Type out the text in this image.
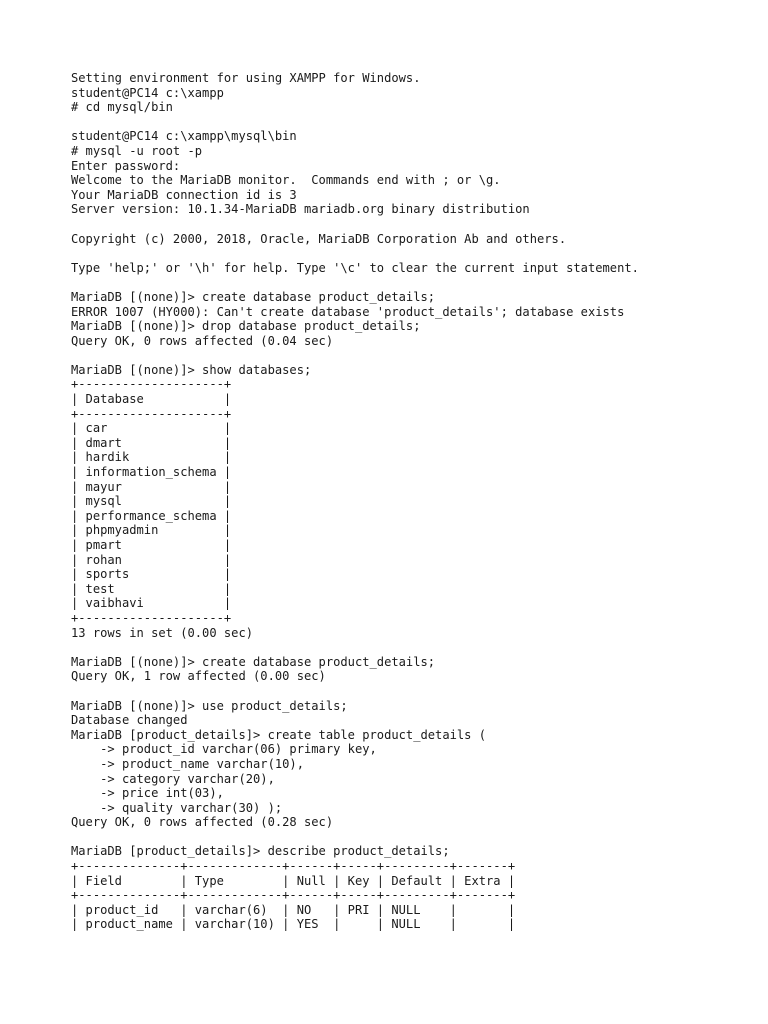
Setting environment for using XAMPP for Windows.
student@PC14 c:\xampp
# cd mysql/bin
student@PC14 c:\xampp\mysql\bin
# mysql -u root -p
Enter password:
Welcome to the MariaDB monitor.  Commands end with ; or \g.
Your MariaDB connection id is 3
Server version: 10.1.34-MariaDB mariadb.org binary distribution
Copyright (c) 2000, 2018, Oracle, MariaDB Corporation Ab and others.
Type 'help;' or '\h' for help. Type '\c' to clear the current input statement.
MariaDB [(none)]> create database product_details;
ERROR 1007 (HY000): Can't create database 'product_details'; database exists
MariaDB [(none)]> drop database product_details;
Query OK, 0 rows affected (0.04 sec)
MariaDB [(none)]> show databases;
+--------------------+
| Database           |
+--------------------+
| car                |
| dmart              |
| hardik             |
| information_schema |
| mayur              |
| mysql              |
| performance_schema |
| phpmyadmin         |
| pmart              |
| rohan              |
| sports             |
| test               |
| vaibhavi           |
+--------------------+
13 rows in set (0.00 sec)
MariaDB [(none)]> create database product_details;
Query OK, 1 row affected (0.00 sec)
MariaDB [(none)]> use product_details;
Database changed
MariaDB [product_details]> create table product_details (
-> product_id varchar(06) primary key,
-> product_name varchar(10),
-> category varchar(20),
-> price int(03),
-> quality varchar(30) );
Query OK, 0 rows affected (0.28 sec)
MariaDB [product_details]> describe product_details;
+--------------+-------------+------+-----+---------+-------+
| Field        | Type        | Null | Key | Default | Extra |
+--------------+-------------+------+-----+---------+-------+
| product_id   | varchar(6)  | NO   | PRI | NULL    |       |
| product_name | varchar(10) | YES  |     | NULL    |       |
